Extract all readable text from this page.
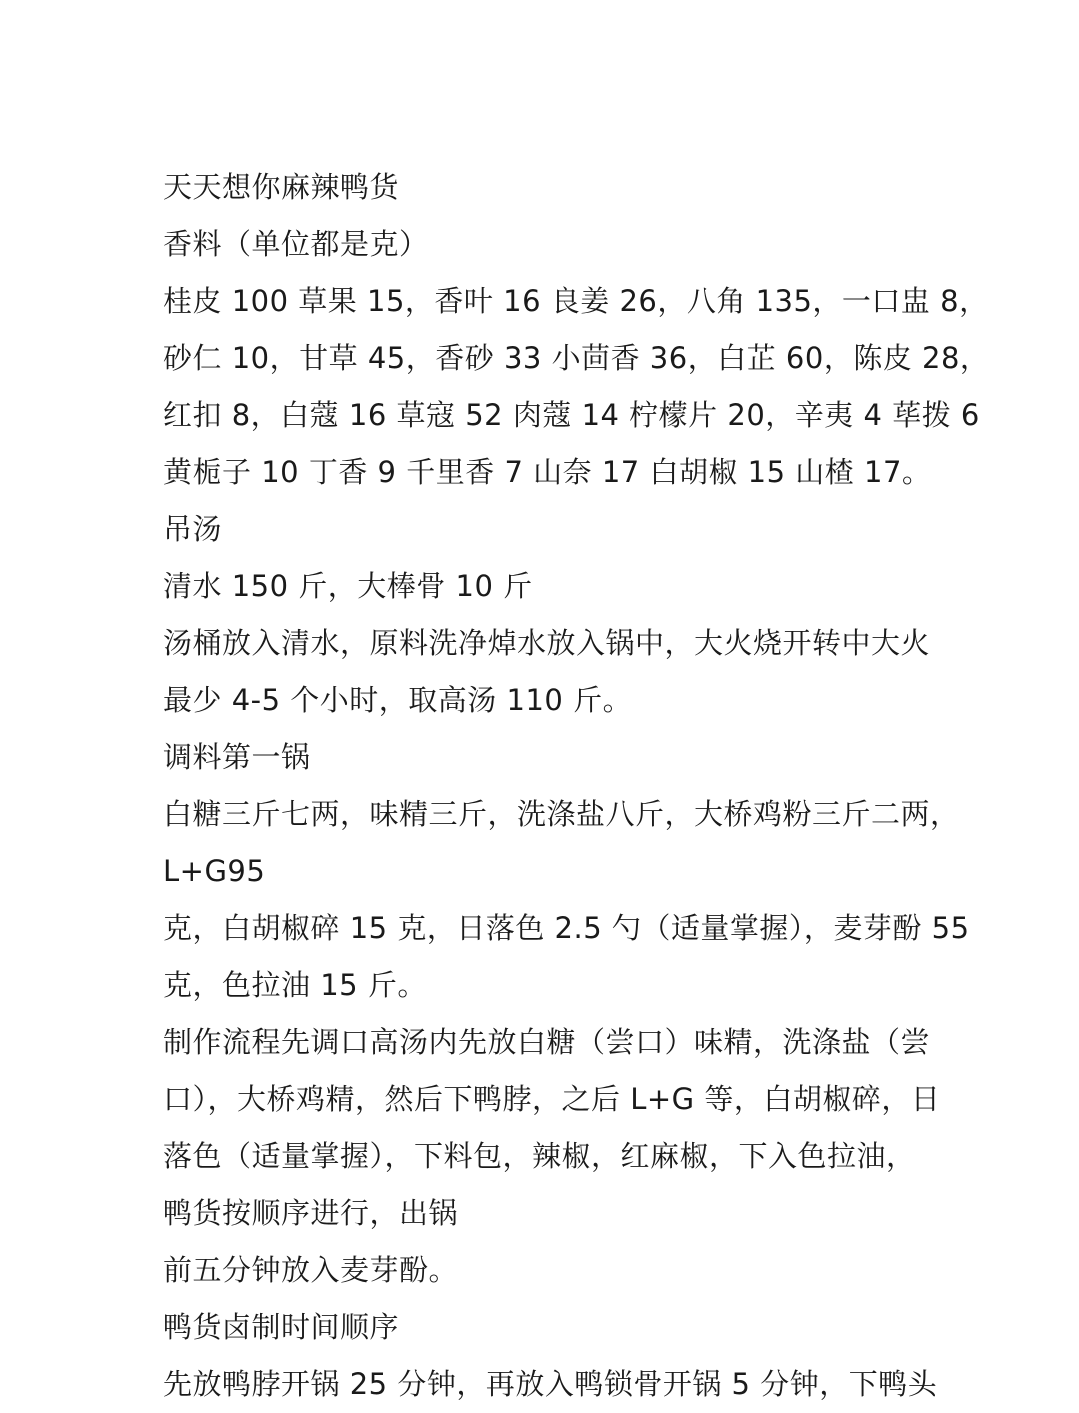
天天想你麻辣鸭货
香料（单位都是克）
桂皮 100 草果 15，香叶 16 良姜 26，八角 135，一口盅 8，
砂仁 10，甘草 45，香砂 33 小茴香 36，白芷 60，陈皮 28，
红扣 8，白蔻 16 草寇 52 肉蔻 14 柠檬片 20，辛夷 4 荜拨 6
黄栀子 10 丁香 9 千里香 7 山奈 17 白胡椒 15 山楂 17。
吊汤
清水 150 斤，大棒骨 10 斤
汤桶放入清水，原料洗净焯水放入锅中，大火烧开转中大火
最少 4-5 个小时，取高汤 110 斤。
调料第一锅
白糖三斤七两，味精三斤，洗涤盐八斤，大桥鸡粉三斤二两，
L+G95
克，白胡椒碎 15 克，日落色 2.5 勺（适量掌握），麦芽酚 55
克，色拉油 15 斤。
制作流程先调口高汤内先放白糖（尝口）味精，洗涤盐（尝
口），大桥鸡精，然后下鸭脖，之后 L+G 等，白胡椒碎，日
落色（适量掌握），下料包，辣椒，红麻椒，下入色拉油，
鸭货按顺序进行，出锅
前五分钟放入麦芽酚。
鸭货卤制时间顺序
先放鸭脖开锅 25 分钟，再放入鸭锁骨开锅 5 分钟，下鸭头
